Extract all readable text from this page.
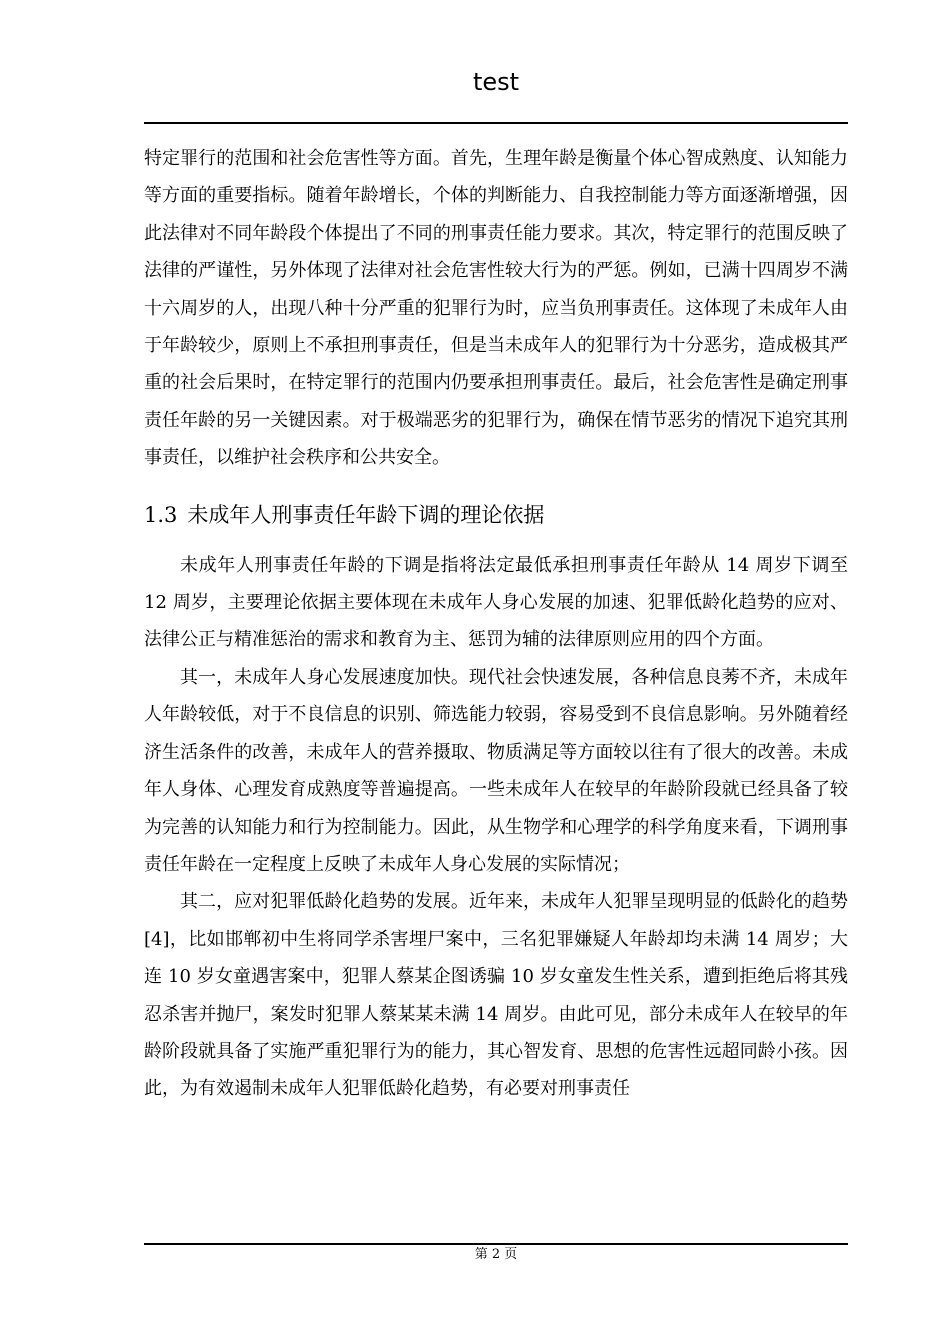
test

特定罪行的范围和社会危害性等方面。首先，生理年龄是衡量个体心智成熟度、认知能力等方面的重要指标。随着年龄增长，个体的判断能力、自我控制能力等方面逐渐增强，因此法律对不同年龄段个体提出了不同的刑事责任能力要求。其次，特定罪行的范围反映了法律的严谨性，另外体现了法律对社会危害性较大行为的严惩。例如，已满十四周岁不满十六周岁的人，出现八种十分严重的犯罪行为时，应当负刑事责任。这体现了未成年人由于年龄较少，原则上不承担刑事责任，但是当未成年人的犯罪行为十分恶劣，造成极其严重的社会后果时，在特定罪行的范围内仍要承担刑事责任。最后，社会危害性是确定刑事责任年龄的另一关键因素。对于极端恶劣的犯罪行为，确保在情节恶劣的情况下追究其刑事责任，以维护社会秩序和公共安全。

1.3 未成年人刑事责任年龄下调的理论依据

未成年人刑事责任年龄的下调是指将法定最低承担刑事责任年龄从 14 周岁下调至 12 周岁，主要理论依据主要体现在未成年人身心发展的加速、犯罪低龄化趋势的应对、法律公正与精准惩治的需求和教育为主、惩罚为辅的法律原则应用的四个方面。

其一，未成年人身心发展速度加快。现代社会快速发展，各种信息良莠不齐，未成年人年龄较低，对于不良信息的识别、筛选能力较弱，容易受到不良信息影响。另外随着经济生活条件的改善，未成年人的营养摄取、物质满足等方面较以往有了很大的改善。未成年人身体、心理发育成熟度等普遍提高。一些未成年人在较早的年龄阶段就已经具备了较为完善的认知能力和行为控制能力。因此，从生物学和心理学的科学角度来看，下调刑事责任年龄在一定程度上反映了未成年人身心发展的实际情况；

其二，应对犯罪低龄化趋势的发展。近年来，未成年人犯罪呈现明显的低龄化的趋势[4]，比如邯郸初中生将同学杀害埋尸案中，三名犯罪嫌疑人年龄却均未满 14 周岁；大连 10 岁女童遇害案中，犯罪人蔡某企图诱骗 10 岁女童发生性关系，遭到拒绝后将其残忍杀害并抛尸，案发时犯罪人蔡某某未满 14 周岁。由此可见，部分未成年人在较早的年龄阶段就具备了实施严重犯罪行为的能力，其心智发育、思想的危害性远超同龄小孩。因此，为有效遏制未成年人犯罪低龄化趋势，有必要对刑事责任

第 2 页
